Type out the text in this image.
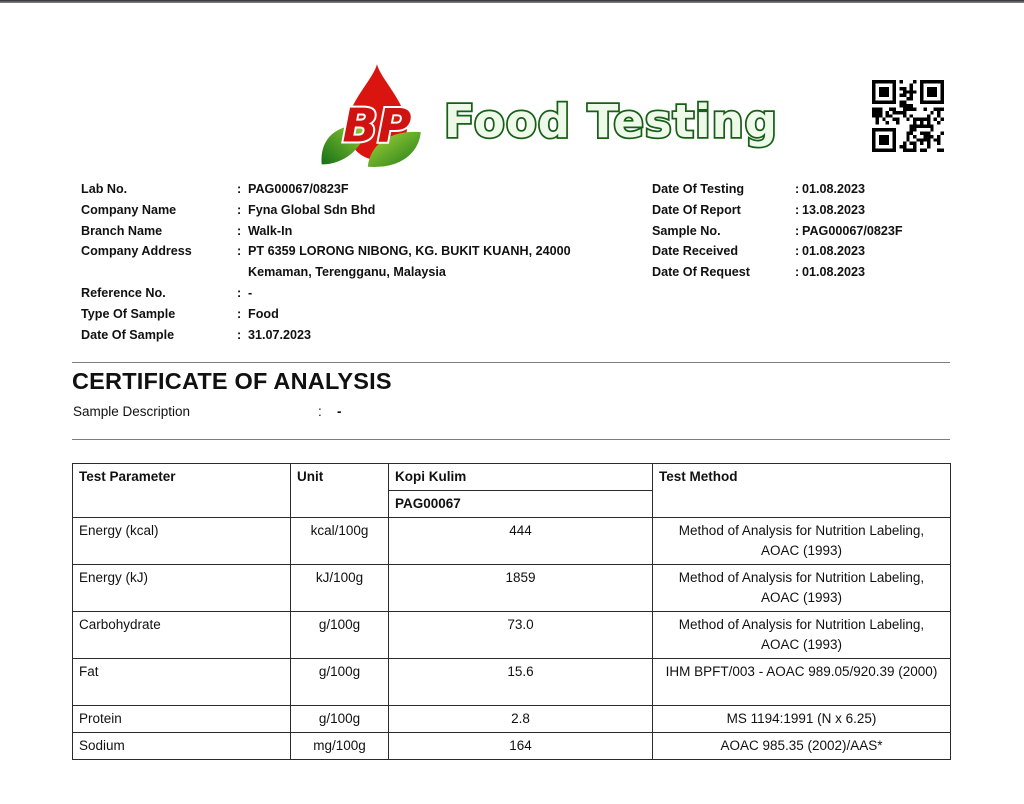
BP Food Testing
Lab No.	: PAG00067/0823F
Company Name	: Fyna Global Sdn Bhd
Branch Name	: Walk-In
Company Address	: PT 6359 LORONG NIBONG, KG. BUKIT KUANH, 24000 Kemaman, Terengganu, Malaysia
Reference No.	: -
Type Of Sample	: Food
Date Of Sample	: 31.07.2023
Date Of Testing	: 01.08.2023
Date Of Report	: 13.08.2023
Sample No.	: PAG00067/0823F
Date Received	: 01.08.2023
Date Of Request	: 01.08.2023
CERTIFICATE OF ANALYSIS
Sample Description	:	-
Test Parameter	Unit	Kopi Kulim	Test Method
		PAG00067	
Energy (kcal)	kcal/100g	444	Method of Analysis for Nutrition Labeling, AOAC (1993)
Energy (kJ)	kJ/100g	1859	Method of Analysis for Nutrition Labeling, AOAC (1993)
Carbohydrate	g/100g	73.0	Method of Analysis for Nutrition Labeling, AOAC (1993)
Fat	g/100g	15.6	IHM BPFT/003 - AOAC 989.05/920.39 (2000)
Protein	g/100g	2.8	MS 1194:1991 (N x 6.25)
Sodium	mg/100g	164	AOAC 985.35 (2002)/AAS*
